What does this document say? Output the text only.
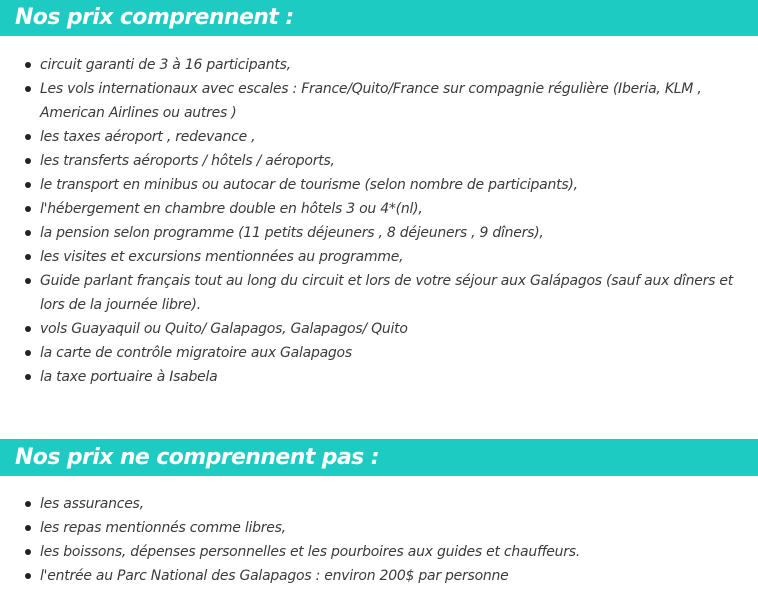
Nos prix comprennent :
circuit garanti de 3 à 16 participants,
Les vols internationaux avec escales : France/Quito/France sur compagnie régulière (Iberia, KLM , American Airlines ou autres )
les taxes aéroport , redevance ,
les transferts aéroports / hôtels / aéroports,
le transport en minibus ou autocar de tourisme (selon nombre de participants),
l'hébergement en chambre double en hôtels 3 ou 4*(nl),
la pension selon programme (11 petits déjeuners , 8 déjeuners , 9 dîners),
les visites et excursions mentionnées au programme,
Guide parlant français tout au long du circuit et lors de votre séjour aux Galápagos (sauf aux dîners et lors de la journée libre).
vols Guayaquil ou Quito/ Galapagos, Galapagos/ Quito
la carte de contrôle migratoire aux Galapagos
la taxe portuaire à Isabela
Nos prix ne comprennent pas :
les assurances,
les repas mentionnés comme libres,
les boissons, dépenses personnelles et les pourboires aux guides et chauffeurs.
l'entrée au Parc National des Galapagos : environ 200$ par personne
